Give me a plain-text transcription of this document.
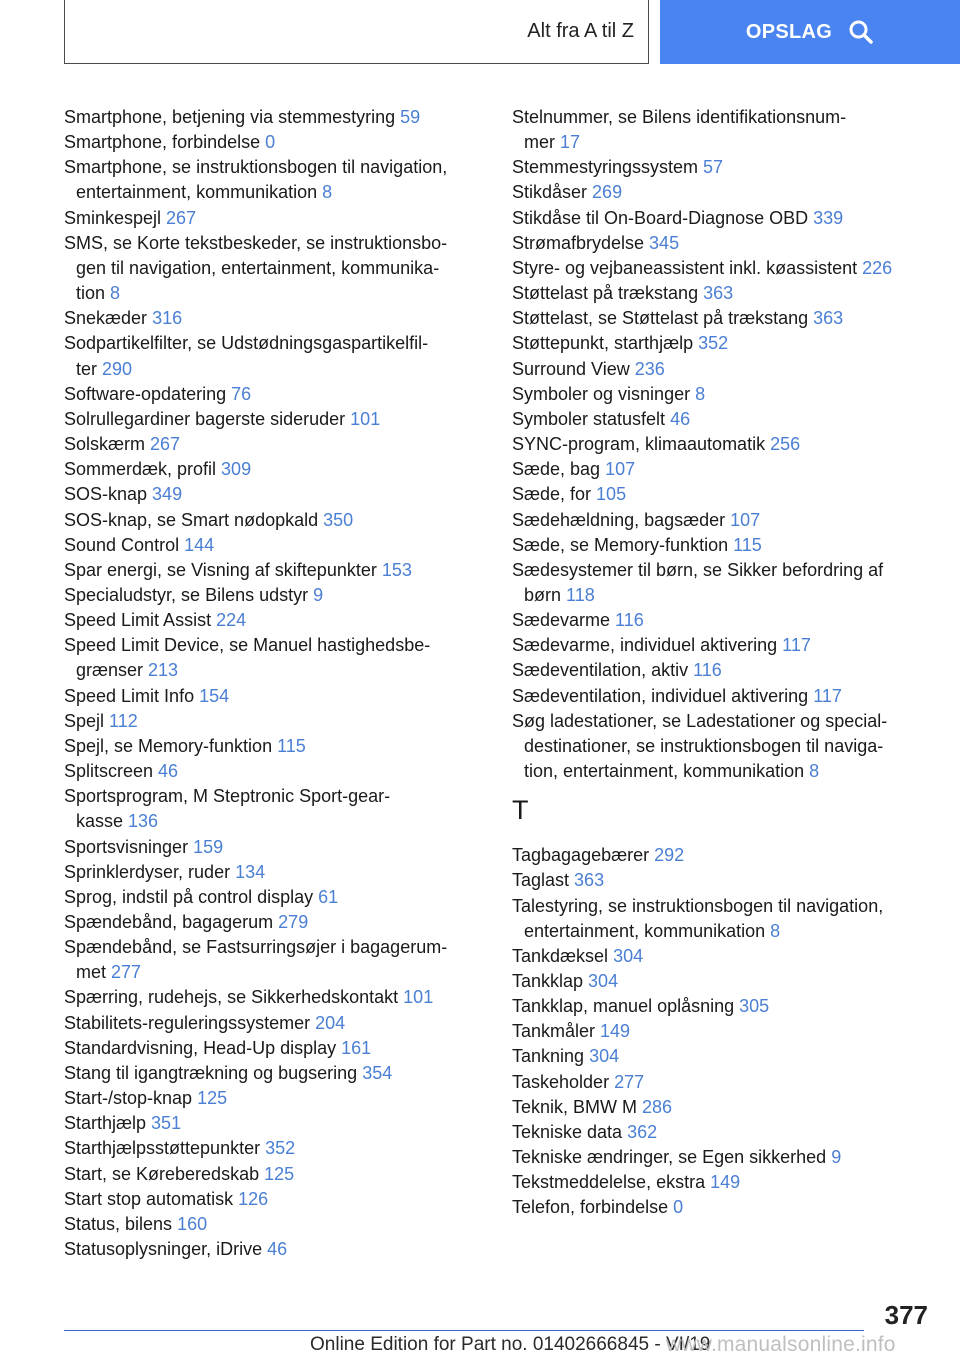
Alt fra A til Z	OPSLAG
Smartphone, betjening via stemmestyring 59
Smartphone, forbindelse 0
Smartphone, se instruktionsbogen til navigation,
entertainment, kommunikation 8
Sminkespejl 267
SMS, se Korte tekstbeskeder, se instruktionsbo-
gen til navigation, entertainment, kommunika-
tion 8
Snekæder 316
Sodpartikelfilter, se Udstødningsgaspartikelfil-
ter 290
Software-opdatering 76
Solrullegardiner bagerste sideruder 101
Solskærm 267
Sommerdæk, profil 309
SOS-knap 349
SOS-knap, se Smart nødopkald 350
Sound Control 144
Spar energi, se Visning af skiftepunkter 153
Specialudstyr, se Bilens udstyr 9
Speed Limit Assist 224
Speed Limit Device, se Manuel hastighedsbe-
grænser 213
Speed Limit Info 154
Spejl 112
Spejl, se Memory-funktion 115
Splitscreen 46
Sportsprogram, M Steptronic Sport-gear-
kasse 136
Sportsvisninger 159
Sprinklerdyser, ruder 134
Sprog, indstil på control display 61
Spændebånd, bagagerum 279
Spændebånd, se Fastsurringsøjer i bagagerum-
met 277
Spærring, rudehejs, se Sikkerhedskontakt 101
Stabilitets-reguleringssystemer 204
Standardvisning, Head-Up display 161
Stang til igangtrækning og bugsering 354
Start-/stop-knap 125
Starthjælp 351
Starthjælpsstøttepunkter 352
Start, se Køreberedskab 125
Start stop automatisk 126
Status, bilens 160
Statusoplysninger, iDrive 46
Stelnummer, se Bilens identifikationsnum-
mer 17
Stemmestyringssystem 57
Stikdåser 269
Stikdåse til On-Board-Diagnose OBD 339
Strømafbrydelse 345
Styre- og vejbaneassistent inkl. køassistent 226
Støttelast på trækstang 363
Støttelast, se Støttelast på trækstang 363
Støttepunkt, starthjælp 352
Surround View 236
Symboler og visninger 8
Symboler statusfelt 46
SYNC-program, klimaautomatik 256
Sæde, bag 107
Sæde, for 105
Sædehældning, bagsæder 107
Sæde, se Memory-funktion 115
Sædesystemer til børn, se Sikker befordring af
børn 118
Sædevarme 116
Sædevarme, individuel aktivering 117
Sædeventilation, aktiv 116
Sædeventilation, individuel aktivering 117
Søg ladestationer, se Ladestationer og special-
destinationer, se instruktionsbogen til naviga-
tion, entertainment, kommunikation 8
T
Tagbagagebærer 292
Taglast 363
Talestyring, se instruktionsbogen til navigation,
entertainment, kommunikation 8
Tankdæksel 304
Tankklap 304
Tankklap, manuel oplåsning 305
Tankmåler 149
Tankning 304
Taskeholder 277
Teknik, BMW M 286
Tekniske data 362
Tekniske ændringer, se Egen sikkerhed 9
Tekstmeddelelse, ekstra 149
Telefon, forbindelse 0
377
Online Edition for Part no. 01402666845 - VI/19
www.manualsonline.info
